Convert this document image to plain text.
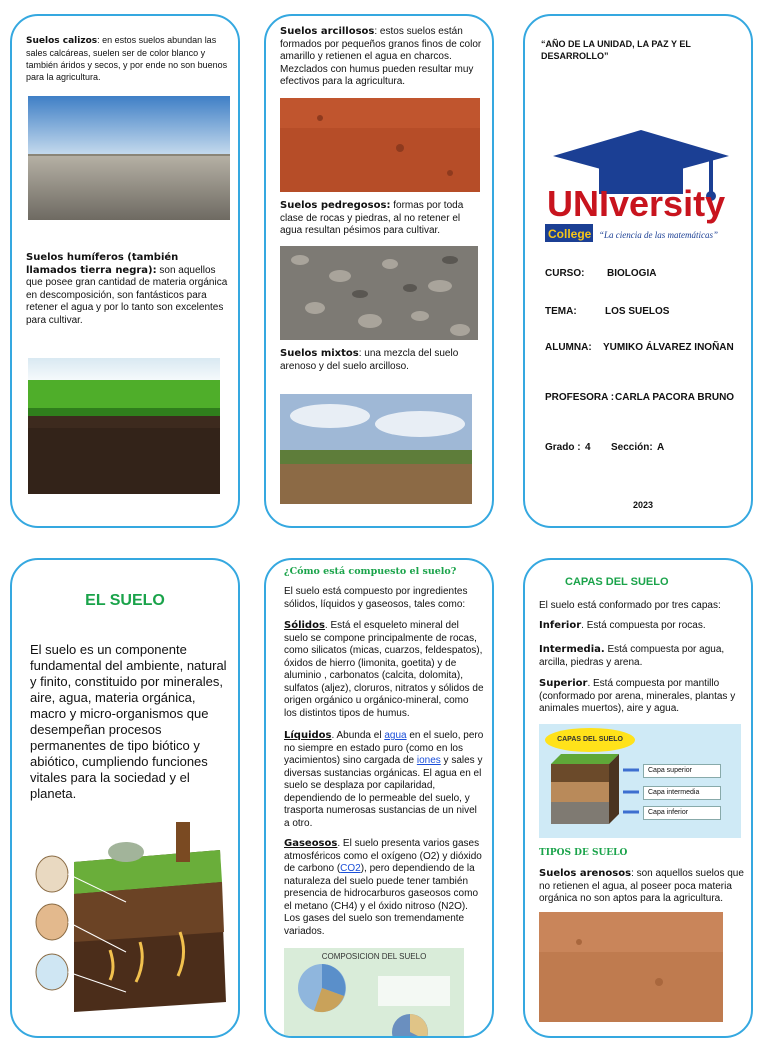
Suelos calizos: en estos suelos abundan las sales calcáreas, suelen ser de color blanco y también áridos y secos, y por ende no son buenos para la agricultura.
Suelos humíferos (también llamados tierra negra): son aquellos que posee gran cantidad de materia orgánica en descomposición, son fantásticos para retener el agua y por lo tanto son excelentes para cultivar.
Suelos arcillosos: estos suelos están formados por pequeños granos finos de color amarillo y retienen el agua en charcos. Mezclados con humus pueden resultar muy efectivos para la agricultura.
Suelos pedregosos: formas por toda clase de rocas y piedras, al no retener el agua resultan pésimos para cultivar.
Suelos mixtos: una mezcla del suelo arenoso y del suelo arcilloso.
“AÑO DE LA UNIDAD, LA PAZ Y EL DESARROLLO”
UNIversity
College “La ciencia de las matemáticas”
CURSO: BIOLOGIA
TEMA:	LOS SUELOS
ALUMNA: YUMIKO ÁLVAREZ INOÑAN
PROFESORA : CARLA PACORA BRUNO
Grado : 4 Sección: A
2023
EL SUELO
El suelo es un componente fundamental del ambiente, natural y finito, constituido por minerales, aire, agua, materia orgánica, macro y micro-organismos que desempeñan procesos permanentes de tipo biótico y abiótico, cumpliendo funciones vitales para la sociedad y el planeta.
¿Cómo está compuesto el suelo?
El suelo está compuesto por ingredientes sólidos, líquidos y gaseosos, tales como:
Sólidos. Está el esqueleto mineral del suelo se compone principalmente de rocas, como silicatos (micas, cuarzos, feldespatos), óxidos de hierro (limonita, goetita) y de aluminio , carbonatos (calcita, dolomita), sulfatos (aljez), cloruros, nitratos y sólidos de origen orgánico u orgánico-mineral, como los distintos tipos de humus.
Líquidos. Abunda el agua en el suelo, pero no siempre en estado puro (como en los yacimientos) sino cargada de iones y sales y diversas sustancias orgánicas. El agua en el suelo se desplaza por capilaridad, dependiendo de lo permeable del suelo, y trasporta numerosas sustancias de un nivel a otro.
Gaseosos. El suelo presenta varios gases atmosféricos como el oxígeno (O2) y dióxido de carbono (CO2), pero dependiendo de la naturaleza del suelo puede tener también presencia de hidrocarburos gaseosos como el metano (CH4) y el óxido nitroso (N2O). Los gases del suelo son tremendamente variados.
COMPOSICION DEL SUELO
CAPAS DEL SUELO
El suelo está conformado por tres capas:
Inferior. Está compuesta por rocas.
Intermedia. Está compuesta por agua, arcilla, piedras y arena.
Superior. Está compuesta por mantillo (conformado por arena, minerales, plantas y animales muertos), aire y agua.
CAPAS DEL SUELO
Capa superior
Capa intermedia
Capa inferior
TIPOS DE SUELO
Suelos arenosos: son aquellos suelos que no retienen el agua, al poseer poca materia orgánica no son aptos para la agricultura.
